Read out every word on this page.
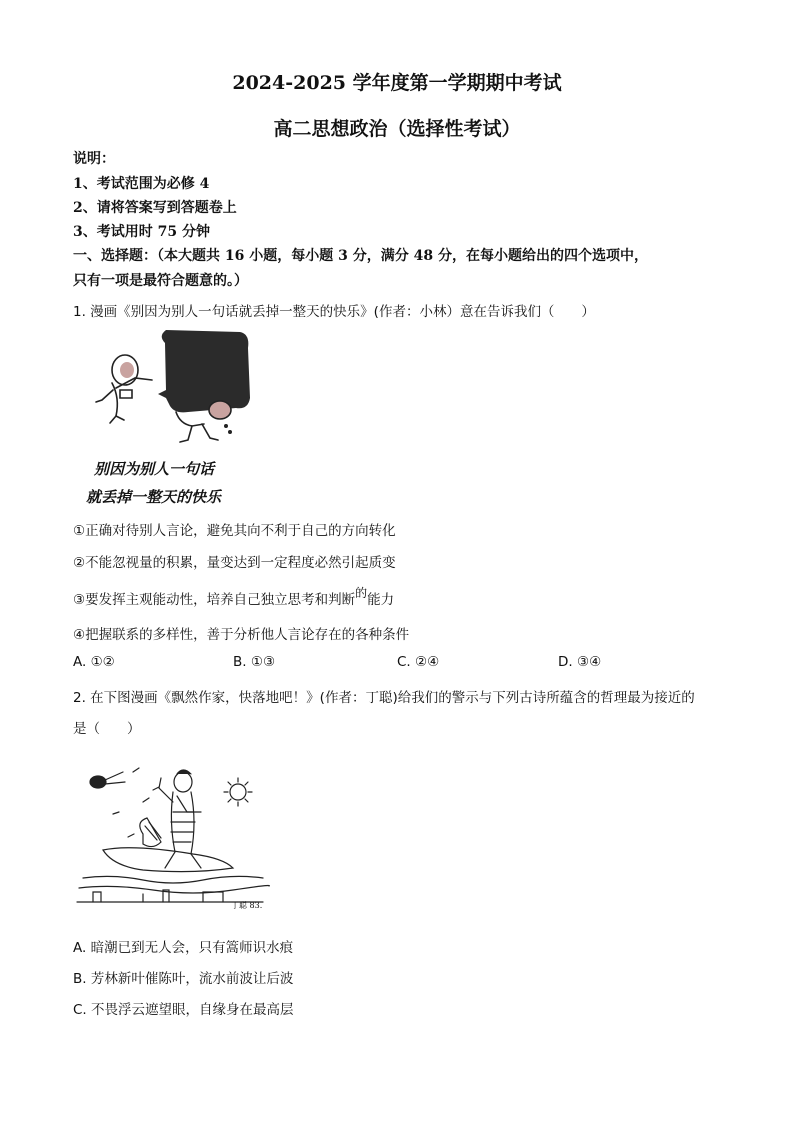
2024-2025 学年度第一学期期中考试
高二思想政治（选择性考试）
说明：
1、考试范围为必修 4
2、请将答案写到答题卷上
3、考试用时 75 分钟
一、选择题：（本大题共 16 小题，每小题 3 分，满分 48 分，在每小题给出的四个选项中，
只有一项是最符合题意的。）
1. 漫画《别因为别人一句话就丢掉一整天的快乐》(作者：小林）意在告诉我们（　　）
别因为别人一句话
就丢掉一整天的快乐
①正确对待别人言论，避免其向不利于自己的方向转化
②不能忽视量的积累，量变达到一定程度必然引起质变
③要发挥主观能动性，培养自己独立思考和判断的能力
④把握联系的多样性，善于分析他人言论存在的各种条件
A. ①②	B. ①③	C. ②④	D. ③④
2. 在下图漫画《飘然作家，快落地吧！》(作者：丁聪)给我们的警示与下列古诗所蕴含的哲理最为接近的
是（　　）
丁聪 83.
A. 暗潮已到无人会，只有篙师识水痕
B. 芳林新叶催陈叶，流水前波让后波
C. 不畏浮云遮望眼，自缘身在最高层
